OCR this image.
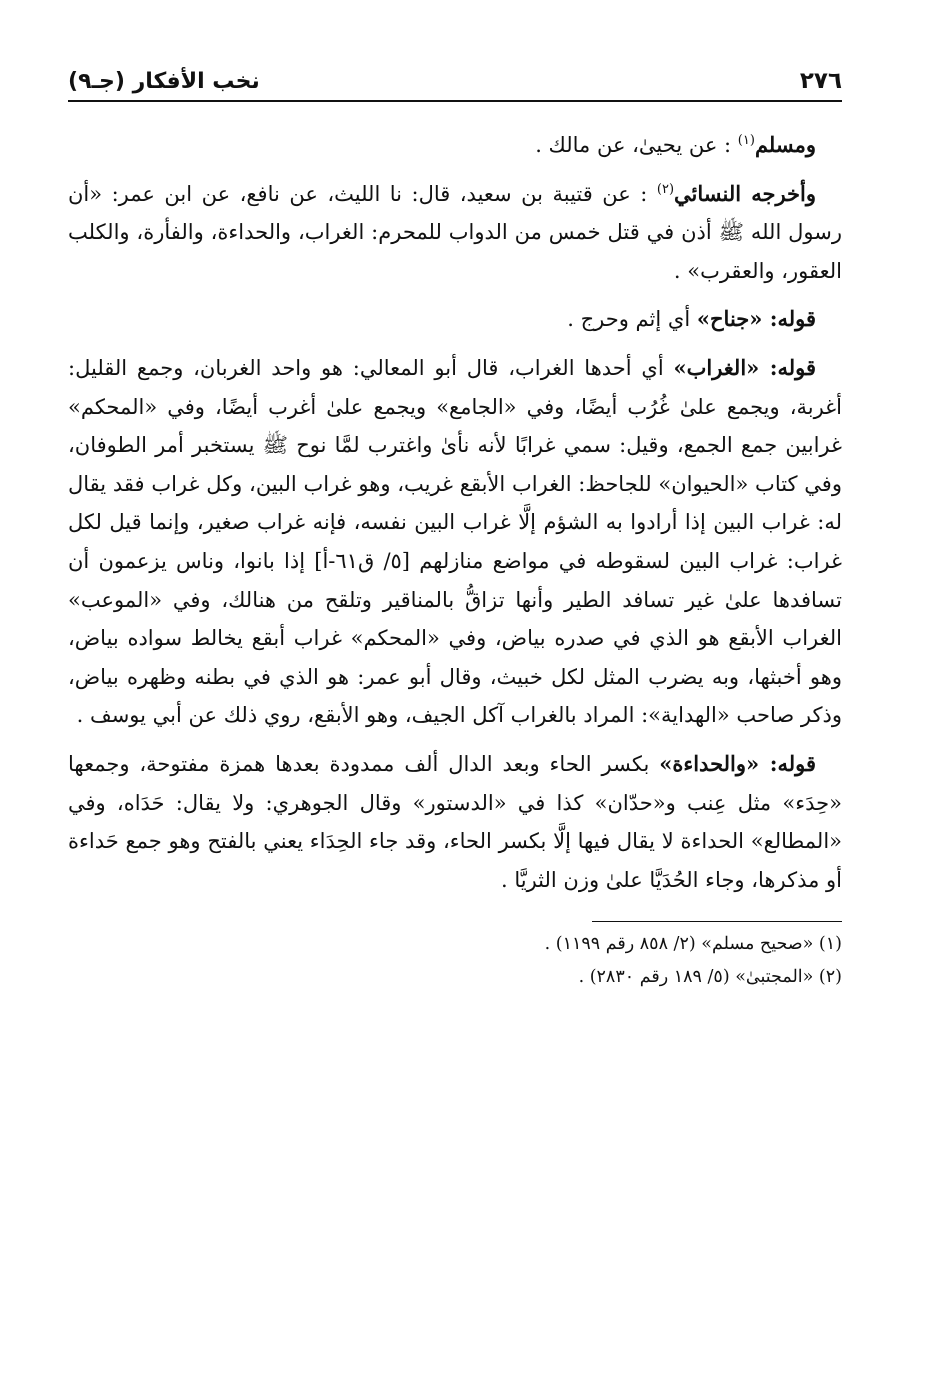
٢٧٦
نخب الأفكار (جـ٩)

ومسلم$^{(١)}$ : عن يحيىٰ، عن مالك .

وأخرجه النسائي$^{(٢)}$ : عن قتيبة بن سعيد، قال: نا الليث، عن نافع، عن ابن عمر: «أن رسول الله ﷺ أذن في قتل خمس من الدواب للمحرم: الغراب، والحداءة، والفأرة، والكلب العقور، والعقرب» .

قوله: «جناح» أي إثم وحرج .

قوله: «الغراب» أي أحدها الغراب، قال أبو المعالي: هو واحد الغربان، وجمع القليل: أغربة، ويجمع علىٰ غُرُب أيضًا، وفي «الجامع» ويجمع علىٰ أغرب أيضًا، وفي «المحكم» غرابين جمع الجمع، وقيل: سمي غرابًا لأنه نأىٰ واغترب لمَّا نوح ﷺ يستخبر أمر الطوفان، وفي كتاب «الحيوان» للجاحظ: الغراب الأبقع غريب، وهو غراب البين، وكل غراب فقد يقال له: غراب البين إذا أرادوا به الشؤم إلَّا غراب البين نفسه، فإنه غراب صغير، وإنما قيل لكل غراب: غراب البين لسقوطه في مواضع منازلهم [٥/ ق٦١-أ] إذا بانوا، وناس يزعمون أن تسافدها علىٰ غير تسافد الطير وأنها تزاقُّ بالمناقير وتلقح من هنالك، وفي «الموعب» الغراب الأبقع هو الذي في صدره بياض، وفي «المحكم» غراب أبقع يخالط سواده بياض، وهو أخبثها، وبه يضرب المثل لكل خبيث، وقال أبو عمر: هو الذي في بطنه وظهره بياض، وذكر صاحب «الهداية»: المراد بالغراب آكل الجيف، وهو الأبقع، روي ذلك عن أبي يوسف .

قوله: «والحداءة» بكسر الحاء وبعد الدال ألف ممدودة بعدها همزة مفتوحة، وجمعها «حِدَء» مثل عِنب و«حدّان» كذا في «الدستور» وقال الجوهري: ولا يقال: حَدَاه، وفي «المطالع» الحداءة لا يقال فيها إلَّا بكسر الحاء، وقد جاء الحِدَاء يعني بالفتح وهو جمع حَداءة أو مذكرها، وجاء الحُدَيَّا علىٰ وزن الثريَّا .

(١) «صحيح مسلم» (٢/ ٨٥٨ رقم ١١٩٩) .

(٢) «المجتبىٰ» (٥/ ١٨٩ رقم ٢٨٣٠) .
